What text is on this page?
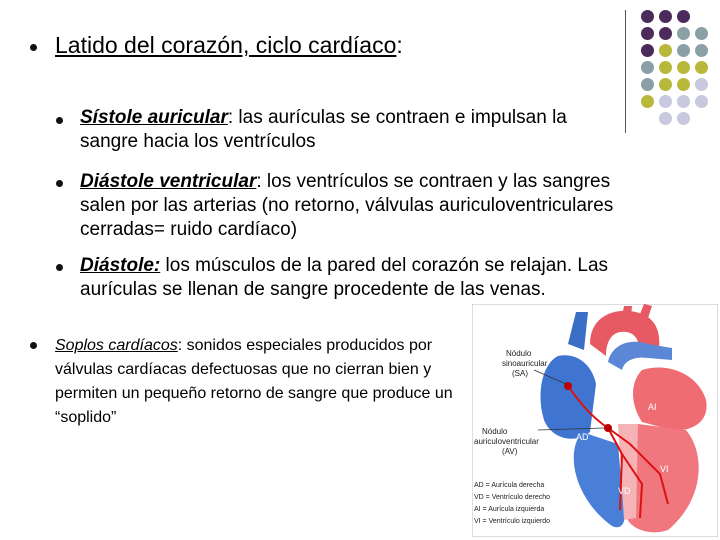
Latido del corazón, ciclo cardíaco:
Sístole auricular: las aurículas se contraen e impulsan la sangre hacia los ventrículos
Diástole ventricular: los ventrículos se contraen y las sangres salen por las arterias (no retorno, válvulas auriculoventriculares cerradas= ruido cardíaco)
Diástole: los músculos de la pared del corazón se relajan. Las aurículas se llenan de sangre procedente de las venas.
Soplos cardíacos: sonidos especiales producidos por válvulas cardíacas defectuosas que no cierran bien y permiten un pequeño retorno de sangre que produce un “soplido”
Nódulo
sinoauricular
(SA)
Nódulo
auriculoventricular
(AV)
AD
AI
VD
VI
AD = Aurícula derecha
VD = Ventrículo derecho
AI = Aurícula izquierda
VI = Ventrículo izquierdo
